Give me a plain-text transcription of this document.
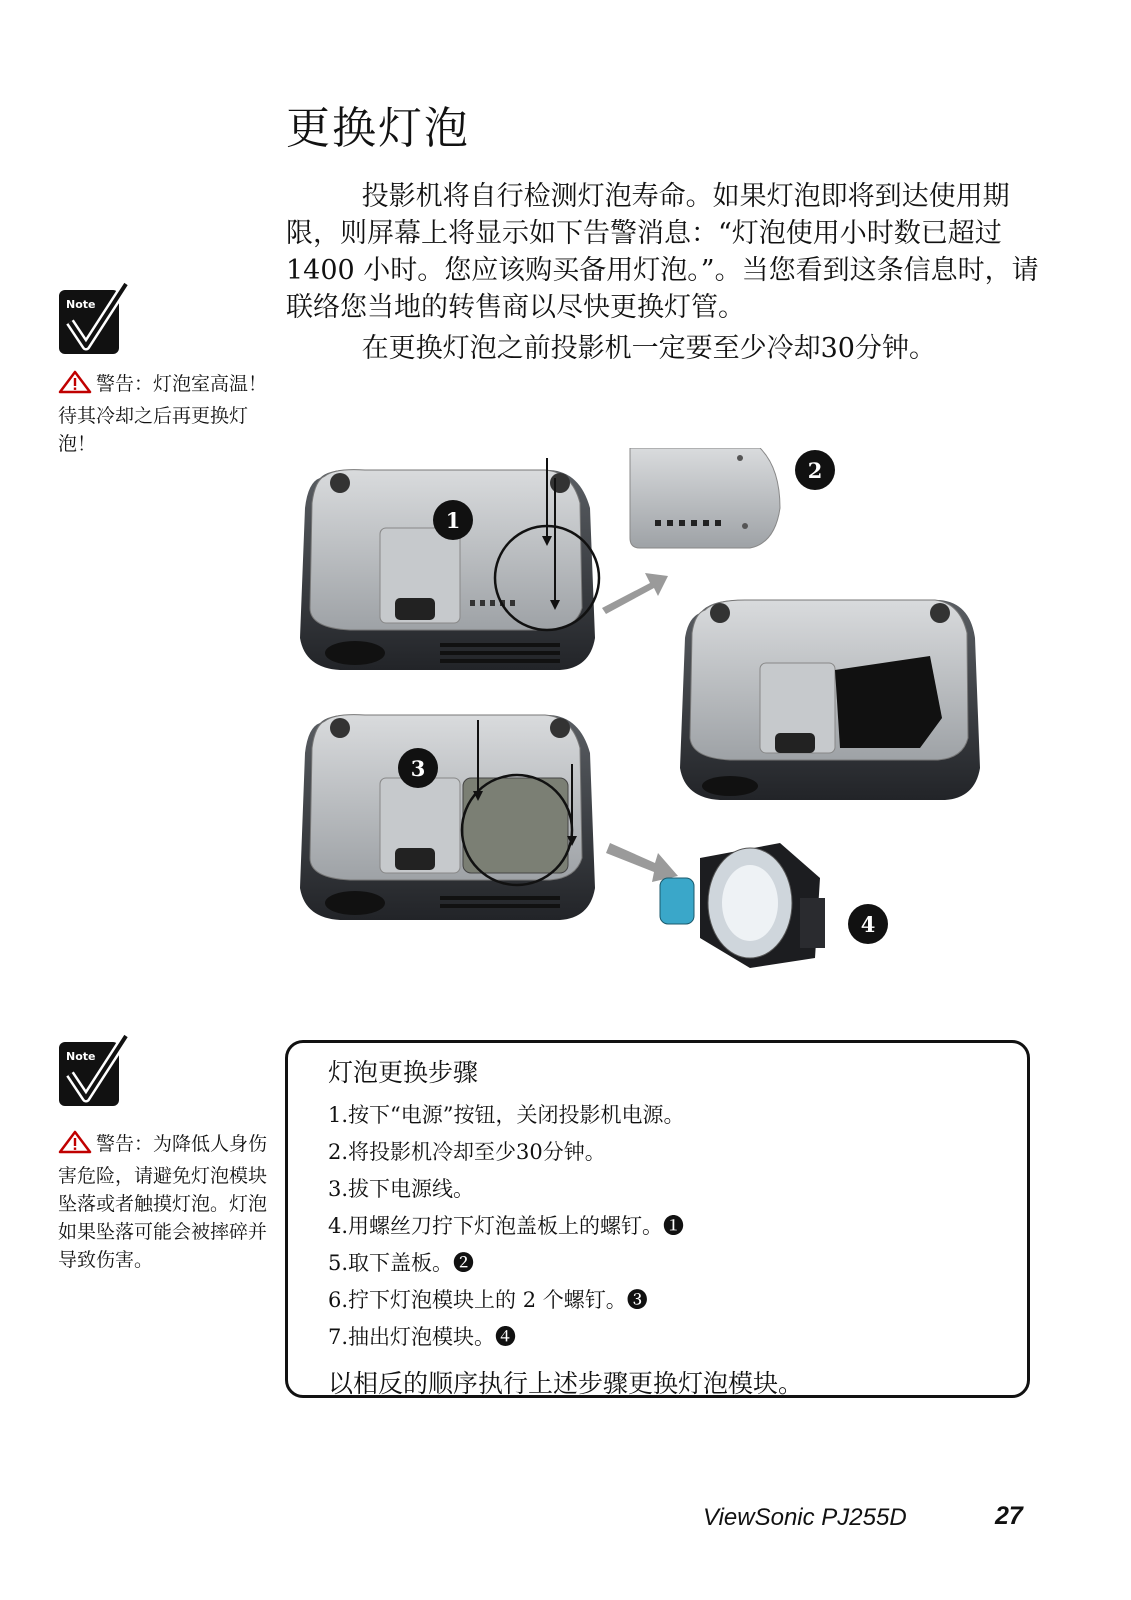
更换灯泡

投影机将自行检测灯泡寿命。如果灯泡即将到达使用期限，则屏幕上将显示如下告警消息：“灯泡使用小时数已超过1400 小时。您应该购买备用灯泡。”。当您看到这条信息时，请联络您当地的转售商以尽快更换灯管。

在更换灯泡之前投影机一定要至少冷却30分钟。

Note
警告：灯泡室高温！待其冷却之后再更换灯泡！
Note
警告：为降低人身伤害危险，请避免灯泡模块坠落或者触摸灯泡。灯泡如果坠落可能会被摔碎并导致伤害。
1
2
3
4
灯泡更换步骤
1.按下“电源”按钮，关闭投影机电源。
2.将投影机冷却至少30分钟。
3.拔下电源线。
4.用螺丝刀拧下灯泡盖板上的螺钉。❶
5.取下盖板。❷
6.拧下灯泡模块上的 2 个螺钉。❸
7.抽出灯泡模块。❹
以相反的顺序执行上述步骤更换灯泡模块。
ViewSonic PJ255D	27
